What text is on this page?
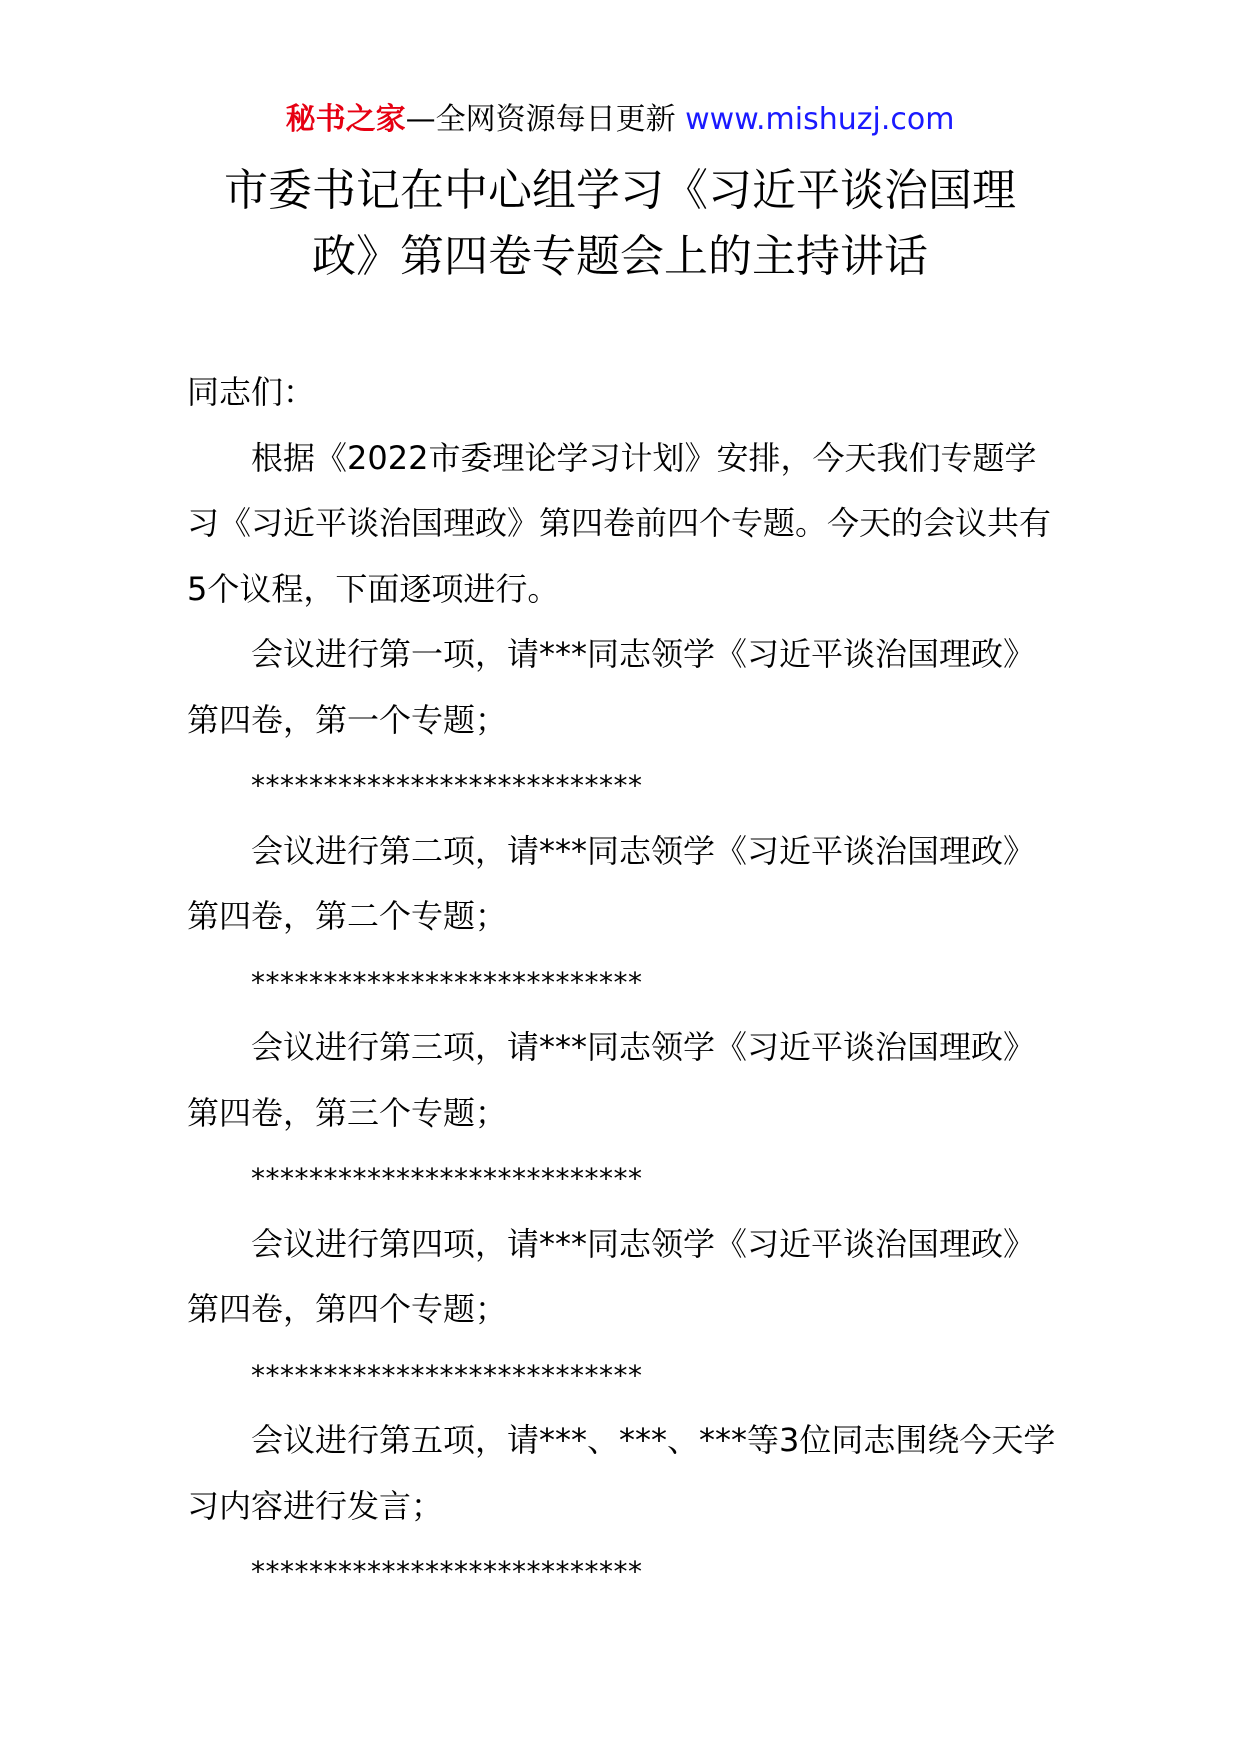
秘书之家—全网资源每日更新 www.mishuzj.com
市委书记在中心组学习《习近平谈治国理
政》第四卷专题会上的主持讲话

同志们：

根据《2022市委理论学习计划》安排，今天我们专题学习《习近平谈治国理政》第四卷前四个专题。今天的会议共有5个议程，下面逐项进行。

会议进行第一项，请***同志领学《习近平谈治国理政》第四卷，第一个专题；

***************************

会议进行第二项，请***同志领学《习近平谈治国理政》第四卷，第二个专题；

***************************

会议进行第三项，请***同志领学《习近平谈治国理政》第四卷，第三个专题；

***************************

会议进行第四项，请***同志领学《习近平谈治国理政》第四卷，第四个专题；

***************************

会议进行第五项，请***、***、***等3位同志围绕今天学习内容进行发言；

***************************
